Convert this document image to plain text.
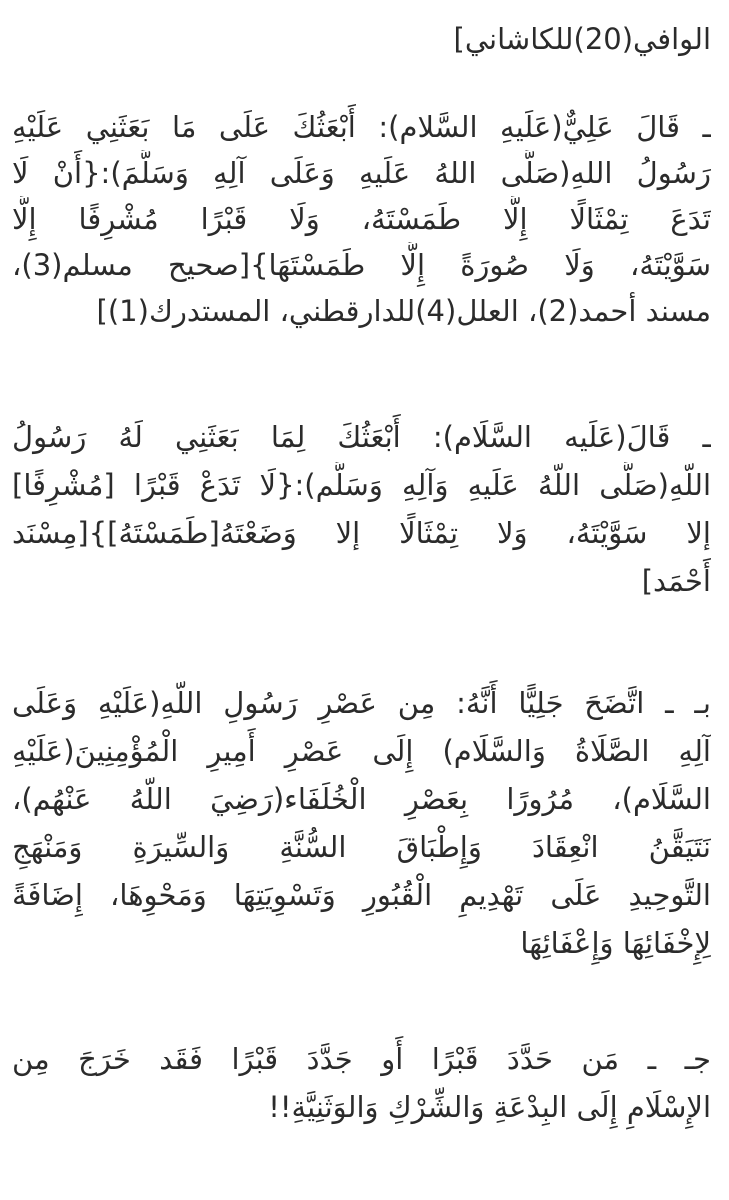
الوافي(20)للكاشاني]
ـ قَالَ عَلِيٌّ(عَلَيهِ السَّلام): أَبْعَثُكَ عَلَى مَا بَعَثَنِي عَلَيْهِ
رَسُولُ اللهِ(صَلَّى اللهُ عَلَيهِ وَعَلَى آلِهِ وَسَلَّمَ):{أَنْ لَا
تَدَعَ تِمْثَالًا إِلَّا طَمَسْتَهُ، وَلَا قَبْرًا مُشْرِفًا إِلَّا
سَوَّيْتَهُ، وَلَا صُورَةً إِلَّا طَمَسْتَهَا}[صحيح مسلم(3)،
مسند أحمد(2)، العلل(4)للدارقطني، المستدرك(1)]
ـ قَالَ(عَلَيه السَّلَام): أَبْعَثُكَ لِمَا بَعَثَنِي لَهُ رَسُولُ
اللّهِ(صَلَّى اللّهُ عَلَيهِ وَآلِهِ وَسَلَّم):{لَا تَدَعْ قَبْرًا [مُشْرِفًا]
إلا سَوَّيْتَهُ، وَلا تِمْثَالًا إلا وَضَعْتَهُ[طَمَسْتَهُ]}[مِسْنَد
أَحْمَد]
بـ ـ اتَّضَحَ جَلِيًّا أَنَّهُ: مِن عَصْرِ رَسُولِ اللّهِ(عَلَيْهِ وَعَلَى
آلِهِ الصَّلَاةُ وَالسَّلَام) إِلَى عَصْرِ أَمِيرِ الْمُؤْمِنِينَ(عَلَيْهِ
السَّلَام)، مُرُورًا بِعَصْرِ الْخُلَفَاء(رَضِيَ اللّهُ عَنْهُم)،
نَتَيَقَّنُ انْعِقَادَ وَإِطْبَاقَ السُّنَّةِ وَالسِّيرَةِ وَمَنْهَجِ
التَّوحِيدِ عَلَى تَهْدِيمِ الْقُبُورِ وَتَسْوِيَتِهَا وَمَحْوِهَا، إِضَافَةً
لِإِخْفَائِهَا وَإِعْفَائِهَا
جـ ـ مَن حَدَّدَ قَبْرًا أَو جَدَّدَ قَبْرًا فَقَد خَرَجَ مِن
الإِسْلَامِ إِلَى البِدْعَةِ وَالشِّرْكِ وَالوَثَنِيَّةِ!!
